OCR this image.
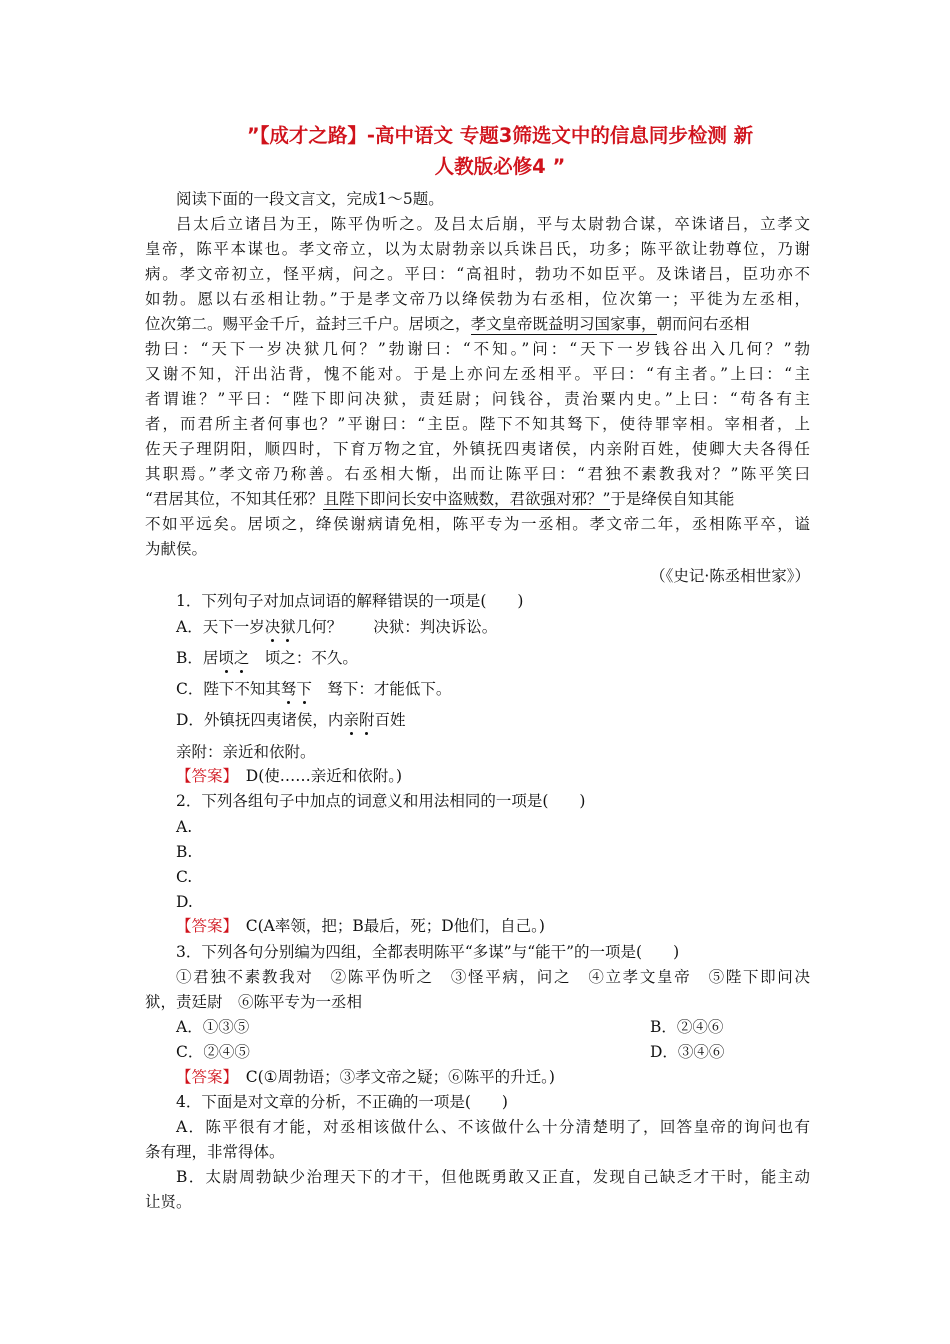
”【成才之路】-高中语文 专题3筛选文中的信息同步检测 新
人教版必修4 ”
阅读下面的一段文言文，完成1～5题。
吕太后立诸吕为王，陈平伪听之。及吕太后崩，平与太尉勃合谋，卒诛诸吕，立孝文
皇帝，陈平本谋也。孝文帝立，以为太尉勃亲以兵诛吕氏，功多；陈平欲让勃尊位，乃谢
病。孝文帝初立，怪平病，问之。平曰：“高祖时，勃功不如臣平。及诛诸吕，臣功亦不
如勃。愿以右丞相让勃。”于是孝文帝乃以绛侯勃为右丞相，位次第一；平徙为左丞相，
位次第二。赐平金千斤，益封三千户。居顷之，孝文皇帝既益明习国家事，朝而问右丞相
勃曰：“天下一岁决狱几何？”勃谢曰：“不知。”问：“天下一岁钱谷出入几何？”勃
又谢不知，汗出沾背，愧不能对。于是上亦问左丞相平。平曰：“有主者。”上曰：“主
者谓谁？”平曰：“陛下即问决狱，责廷尉；问钱谷，责治粟内史。”上曰：“苟各有主
者，而君所主者何事也？”平谢曰：“主臣。陛下不知其驽下，使待罪宰相。宰相者，上
佐天子理阴阳，顺四时，下育万物之宜，外镇抚四夷诸侯，内亲附百姓，使卿大夫各得任
其职焉。”孝文帝乃称善。右丞相大惭，出而让陈平曰：“君独不素教我对？”陈平笑曰
“君居其位，不知其任邪？且陛下即问长安中盗贼数，君欲强对邪？”于是绛侯自知其能
不如平远矣。居顷之，绛侯谢病请免相，陈平专为一丞相。孝文帝二年，丞相陈平卒，谥
为献侯。
（《史记·陈丞相世家》）
1．下列句子对加点词语的解释错误的一项是(　　)
A．天下一岁决狱几何？　　决狱：判决诉讼。
B．居顷之　顷之：不久。
C．陛下不知其驽下　驽下：才能低下。
D．外镇抚四夷诸侯，内亲附百姓
亲附：亲近和依附。
【答案】　D(使……亲近和依附。)
2．下列各组句子中加点的词意义和用法相同的一项是(　　)
A.
B.
C.
D.
【答案】　C(A率领，把；B最后，死；D他们，自己。)
3．下列各句分别编为四组，全都表明陈平“多谋”与“能干”的一项是(　　)
①君独不素教我对　②陈平伪听之　③怪平病，问之　④立孝文皇帝　⑤陛下即问决
狱，责廷尉　⑥陈平专为一丞相
A．①③⑤	B．②④⑥
C．②④⑤	D．③④⑥
【答案】　C(①周勃语；③孝文帝之疑；⑥陈平的升迁。)
4．下面是对文章的分析，不正确的一项是(　　)
A．陈平很有才能，对丞相该做什么、不该做什么十分清楚明了，回答皇帝的询问也有
条有理，非常得体。
B．太尉周勃缺少治理天下的才干，但他既勇敢又正直，发现自己缺乏才干时，能主动
让贤。
